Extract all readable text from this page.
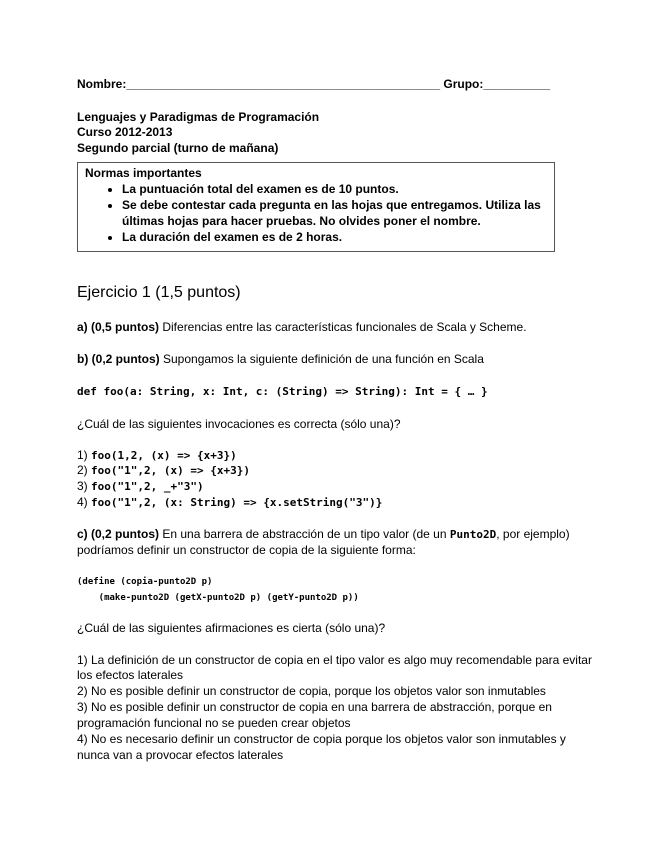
Nombre:_______________________________________________ Grupo:__________
Lenguajes y Paradigmas de Programación
Curso 2012-2013
Segundo parcial (turno de mañana)
Normas importantes
• La puntuación total del examen es de 10 puntos.
• Se debe contestar cada pregunta en las hojas que entregamos. Utiliza las últimas hojas para hacer pruebas. No olvides poner el nombre.
• La duración del examen es de 2 horas.
Ejercicio 1 (1,5 puntos)
a) (0,5 puntos) Diferencias entre las características funcionales de Scala y Scheme.
b) (0,2 puntos) Supongamos la siguiente definición de una función en Scala
def foo(a: String, x: Int, c: (String) => String): Int = { … }
¿Cuál de las siguientes invocaciones es correcta (sólo una)?
1) foo(1,2, (x) => {x+3})
2) foo("1",2, (x) => {x+3})
3) foo("1",2, _+"3")
4) foo("1",2, (x: String) => {x.setString("3")}
c) (0,2 puntos) En una barrera de abstracción de un tipo valor (de un Punto2D, por ejemplo)
podríamos definir un constructor de copia de la siguiente forma:
(define (copia-punto2D p)
(make-punto2D (getX-punto2D p) (getY-punto2D p))
¿Cuál de las siguientes afirmaciones es cierta (sólo una)?
1) La definición de un constructor de copia en el tipo valor es algo muy recomendable para evitar
los efectos laterales
2) No es posible definir un constructor de copia, porque los objetos valor son inmutables
3) No es posible definir un constructor de copia en una barrera de abstracción, porque en
programación funcional no se pueden crear objetos
4) No es necesario definir un constructor de copia porque los objetos valor son inmutables y
nunca van a provocar efectos laterales
